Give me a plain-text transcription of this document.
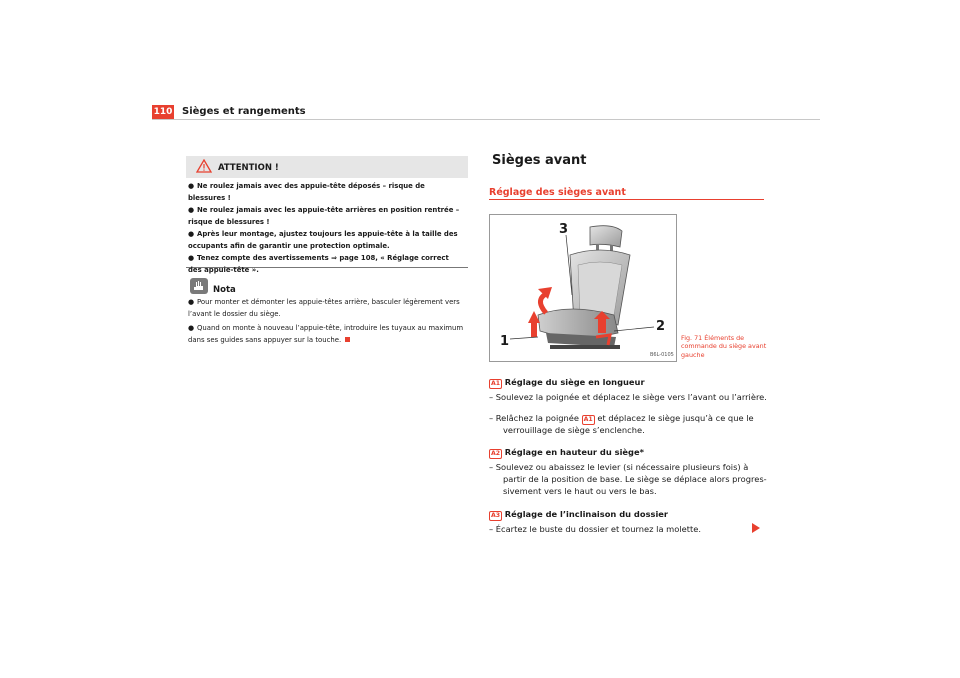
110 Sièges et rangements
ATTENTION !
● Ne roulez jamais avec des appuie-tête déposés – risque de blessures !
● Ne roulez jamais avec les appuie-tête arrières en position rentrée – risque de blessures !
● Après leur montage, ajustez toujours les appuie-tête à la taille des occupants afin de garantir une protection optimale.
● Tenez compte des avertissements ⇒ page 108, « Réglage correct des appuie-tête ».
Nota
● Pour monter et démonter les appuie-têtes arrière, basculer légèrement vers l’avant le dossier du siège.
● Quand on monte à nouveau l’appuie-tête, introduire les tuyaux au maximum dans ses guides sans appuyer sur la touche.
Sièges avant
Réglage des sièges avant
3
1
2
B6L-0105
Fig. 71 Éléments de commande du siège avant gauche
A1 Réglage du siège en longueur
– Soulevez la poignée et déplacez le siège vers l’avant ou l’arrière.
– Relâchez la poignée A1 et déplacez le siège jusqu’à ce que le
verrouillage de siège s’enclenche.
A2 Réglage en hauteur du siège*
– Soulevez ou abaissez le levier (si nécessaire plusieurs fois) à
partir de la position de base. Le siège se déplace alors progres-
sivement vers le haut ou vers le bas.
A3 Réglage de l’inclinaison du dossier
– Écartez le buste du dossier et tournez la molette.
